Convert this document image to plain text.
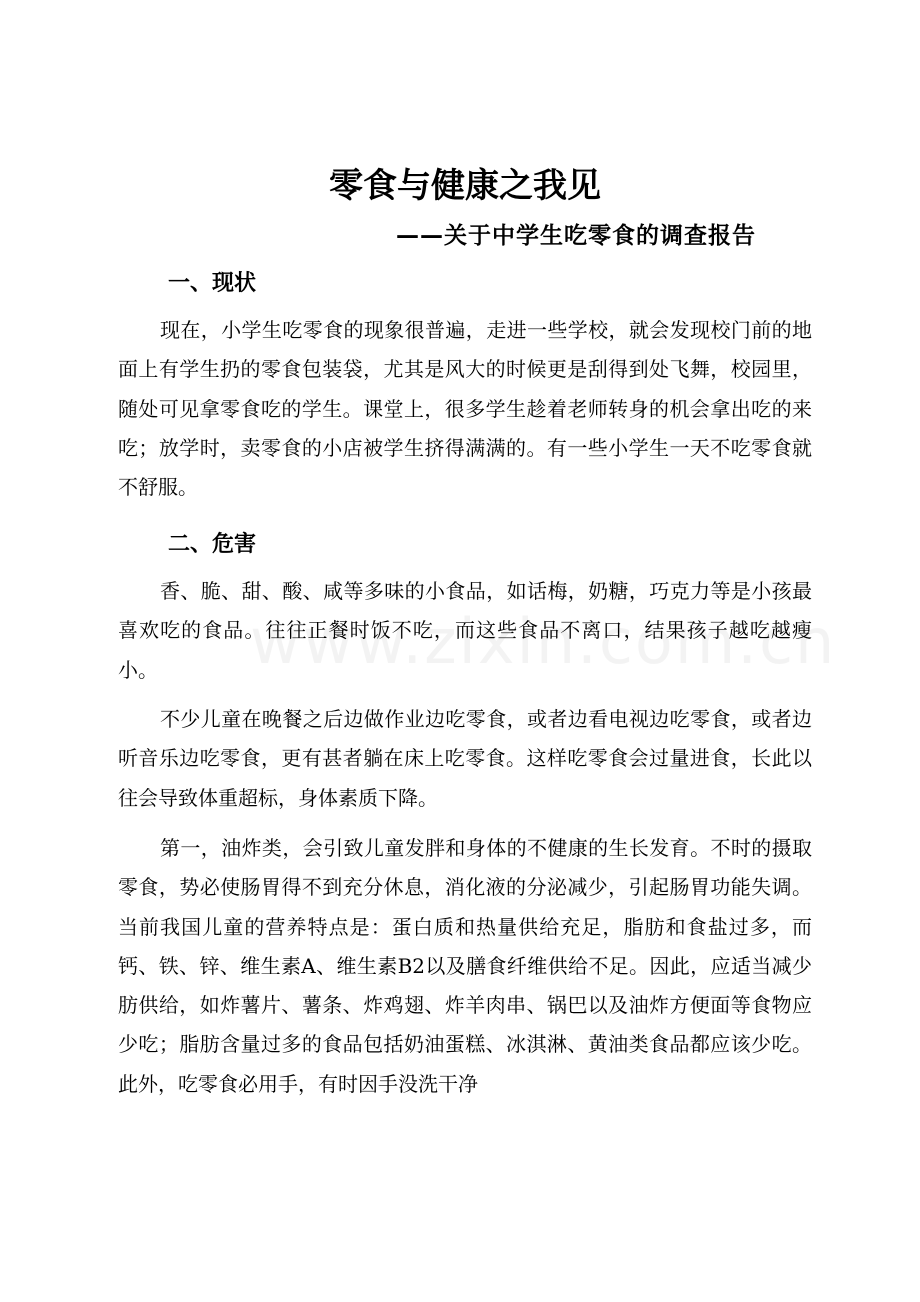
零食与健康之我见
——关于中学生吃零食的调查报告
一、现状

现在，小学生吃零食的现象很普遍，走进一些学校，就会发现校门前的地面上有学生扔的零食包装袋，尤其是风大的时候更是刮得到处飞舞，校园里，随处可见拿零食吃的学生。课堂上，很多学生趁着老师转身的机会拿出吃的来吃；放学时，卖零食的小店被学生挤得满满的。有一些小学生一天不吃零食就不舒服。

二、危害

香、脆、甜、酸、咸等多味的小食品，如话梅，奶糖，巧克力等是小孩最喜欢吃的食品。往往正餐时饭不吃，而这些食品不离口，结果孩子越吃越瘦小。

不少儿童在晚餐之后边做作业边吃零食，或者边看电视边吃零食，或者边听音乐边吃零食，更有甚者躺在床上吃零食。这样吃零食会过量进食，长此以往会导致体重超标，身体素质下降。

第一，油炸类，会引致儿童发胖和身体的不健康的生长发育。不时的摄取零食，势必使肠胃得不到充分休息，消化液的分泌减少，引起肠胃功能失调。当前我国儿童的营养特点是：蛋白质和热量供给充足，脂肪和食盐过多，而钙、铁、锌、维生素A、维生素B2以及膳食纤维供给不足。因此，应适当减少肪供给，如炸薯片、薯条、炸鸡翅、炸羊肉串、锅巴以及油炸方便面等食物应少吃；脂肪含量过多的食品包括奶油蛋糕、冰淇淋、黄油类食品都应该少吃。此外，吃零食必用手，有时因手没洗干净
